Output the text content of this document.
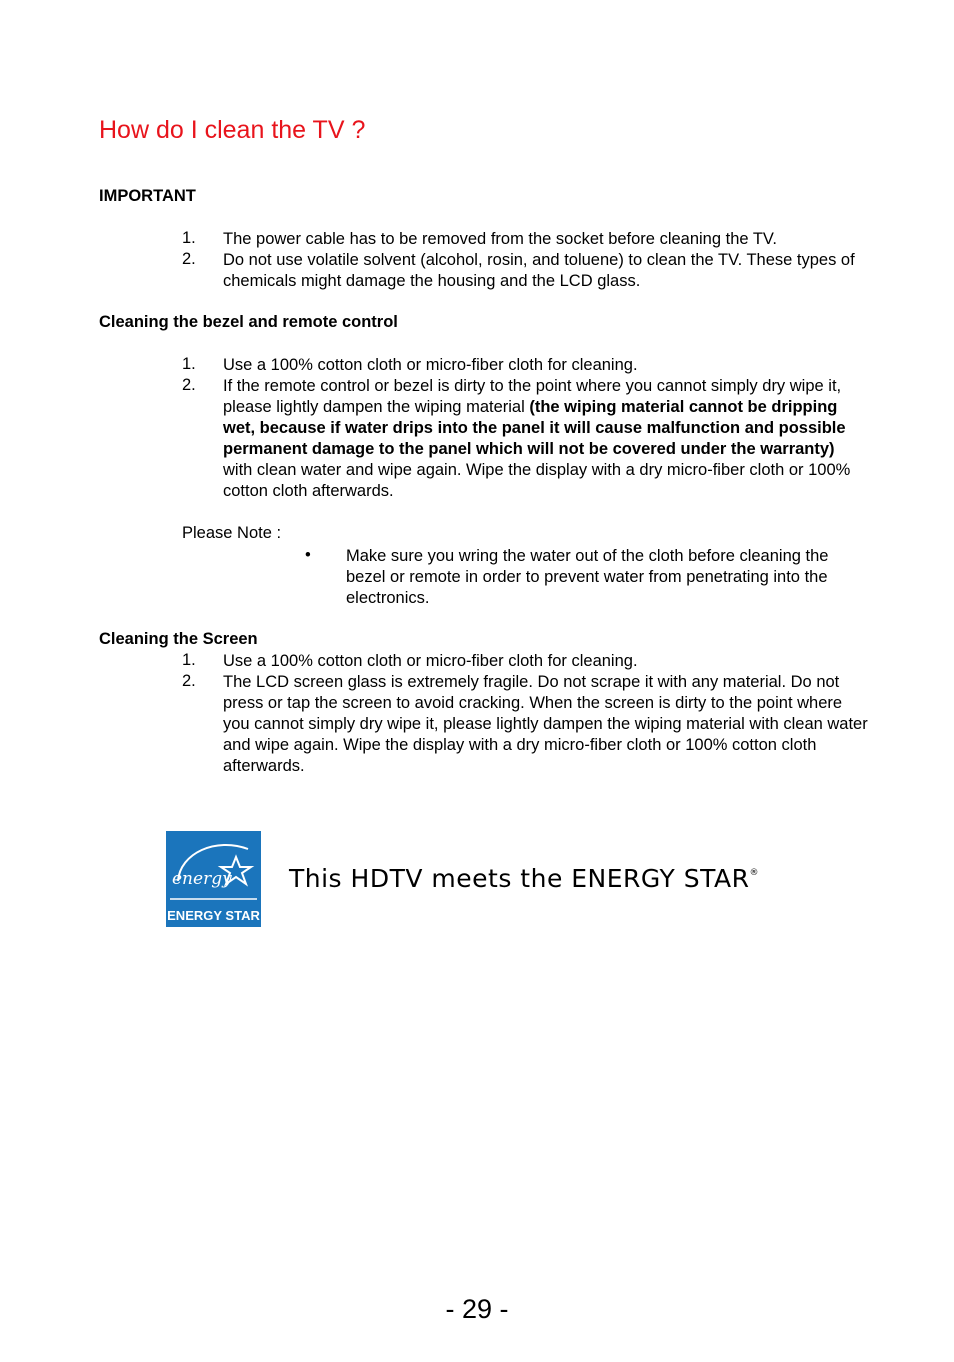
How do I clean the TV ?
IMPORTANT
1. The power cable has to be removed from the socket before cleaning the TV.
2. Do not use volatile solvent (alcohol, rosin, and toluene) to clean the TV. These types of chemicals might damage the housing and the LCD glass.
Cleaning the bezel and remote control
1. Use a 100% cotton cloth or micro-fiber cloth for cleaning.
2. If the remote control or bezel is dirty to the point where you cannot simply dry wipe it, please lightly dampen the wiping material (the wiping material cannot be dripping wet, because if water drips into the panel it will cause malfunction and possible permanent damage to the panel which will not be covered under the warranty) with clean water and wipe again. Wipe the display with a dry micro-fiber cloth or 100% cotton cloth afterwards.
Please Note :
• Make sure you wring the water out of the cloth before cleaning the bezel or remote in order to prevent water from penetrating into the electronics.
Cleaning the Screen
1. Use a 100% cotton cloth or micro-fiber cloth for cleaning.
2. The LCD screen glass is extremely fragile. Do not scrape it with any material. Do not press or tap the screen to avoid cracking. When the screen is dirty to the point where you cannot simply dry wipe it, please lightly dampen the wiping material with clean water and wipe again. Wipe the display with a dry micro-fiber cloth or 100% cotton cloth afterwards.
energy
ENERGY STAR
This HDTV meets the ENERGY STAR®
- 29 -
